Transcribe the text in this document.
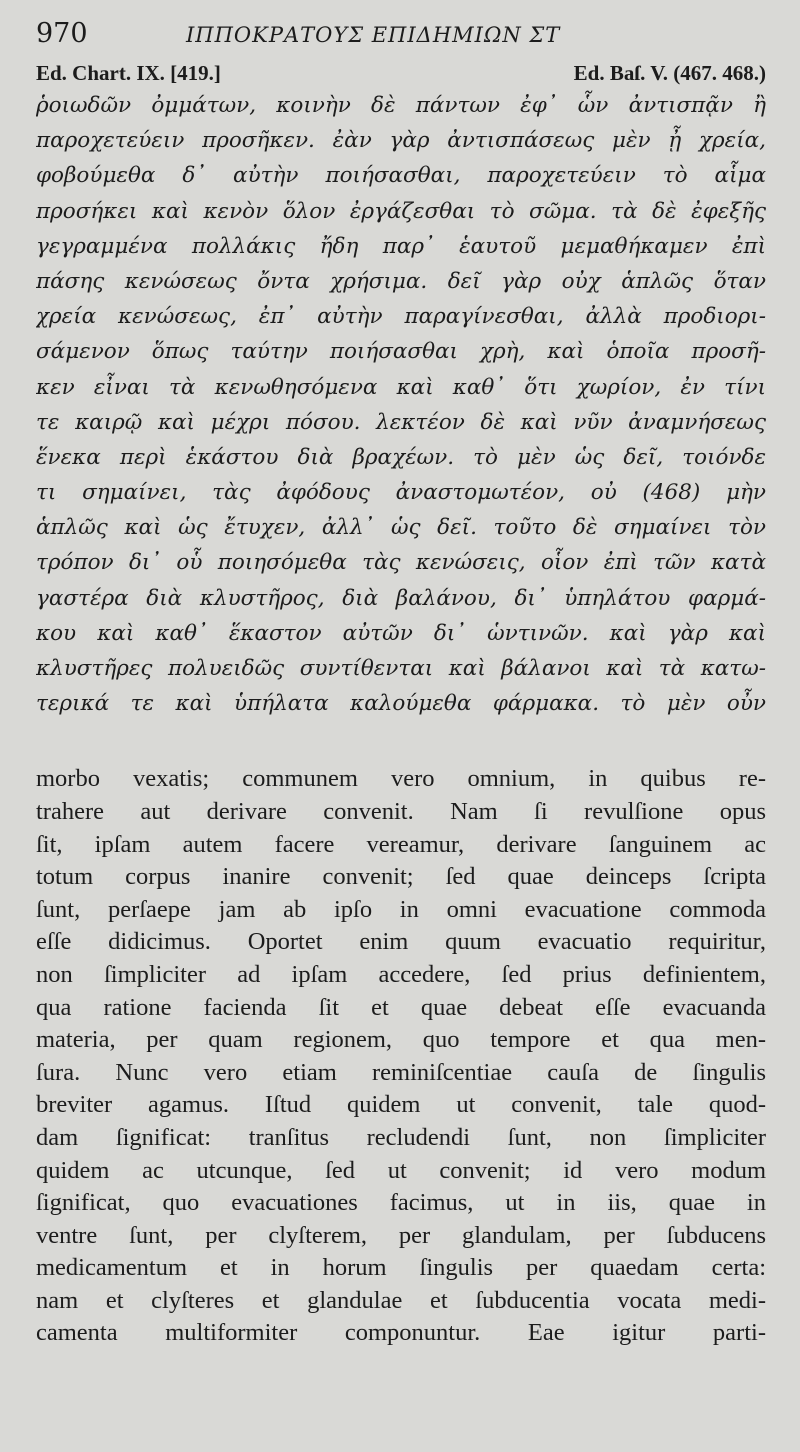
970	ΙΠΠΟΚΡΑΤΟΥΣ ΕΠΙΔΗΜΙΩΝ ΣΤ
Ed. Chart. IX. [419.]	Ed. Baſ. V. (467. 468.)
ῥοιωδῶν ὀμμάτων, κοινὴν δὲ πάντων ἐφ᾽ ὧν ἀντισπᾷν ἢ
παροχετεύειν προσῆκεν. ἐὰν γὰρ ἀντισπάσεως μὲν ᾖ χρεία,
φοβούμεθα δ᾽ αὐτὴν ποιήσασθαι, παροχετεύειν τὸ αἷμα
προσήκει καὶ κενὸν ὅλον ἐργάζεσθαι τὸ σῶμα. τὰ δὲ ἐφεξῆς
γεγραμμένα πολλάκις ἤδη παρ᾽ ἑαυτοῦ μεμαθήκαμεν ἐπὶ
πάσης κενώσεως ὄντα χρήσιμα. δεῖ γὰρ οὐχ ἁπλῶς ὅταν
χρεία κενώσεως, ἐπ᾽ αὐτὴν παραγίνεσθαι, ἀλλὰ προδιορι-
σάμενον ὅπως ταύτην ποιήσασθαι χρὴ, καὶ ὁποῖα προσῆ-
κεν εἶναι τὰ κενωθησόμενα καὶ καθ᾽ ὅτι χωρίον, ἐν τίνι
τε καιρῷ καὶ μέχρι πόσου. λεκτέον δὲ καὶ νῦν ἀναμνήσεως
ἕνεκα περὶ ἑκάστου διὰ βραχέων. τὸ μὲν ὡς δεῖ, τοιόνδε
τι σημαίνει, τὰς ἀφόδους ἀναστομωτέον, οὐ (468) μὴν
ἁπλῶς καὶ ὡς ἔτυχεν, ἀλλ᾽ ὡς δεῖ. τοῦτο δὲ σημαίνει τὸν
τρόπον δι᾽ οὗ ποιησόμεθα τὰς κενώσεις, οἷον ἐπὶ τῶν κατὰ
γαστέρα διὰ κλυστῆρος, διὰ βαλάνου, δι᾽ ὑπηλάτου φαρμά-
κου καὶ καθ᾽ ἕκαστον αὐτῶν δι᾽ ὡντινῶν. καὶ γὰρ καὶ
κλυστῆρες πολυειδῶς συντίθενται καὶ βάλανοι καὶ τὰ κατω-
τερικά τε καὶ ὑπήλατα καλούμεθα φάρμακα. τὸ μὲν οὖν
morbo vexatis; communem vero omnium, in quibus re-
trahere aut derivare convenit. Nam ſi revulſione opus
ſit, ipſam autem facere vereamur, derivare ſanguinem ac
totum corpus inanire convenit; ſed quae deinceps ſcripta
ſunt, perſaepe jam ab ipſo in omni evacuatione commoda
eſſe didicimus. Oportet enim quum evacuatio requiritur,
non ſimpliciter ad ipſam accedere, ſed prius definientem,
qua ratione facienda ſit et quae debeat eſſe evacuanda
materia, per quam regionem, quo tempore et qua men-
ſura. Nunc vero etiam reminiſcentiae cauſa de ſingulis
breviter agamus. Iſtud quidem ut convenit, tale quod-
dam ſignificat: tranſitus recludendi ſunt, non ſimpliciter
quidem ac utcunque, ſed ut convenit; id vero modum
ſignificat, quo evacuationes facimus, ut in iis, quae in
ventre ſunt, per clyſterem, per glandulam, per ſubducens
medicamentum et in horum ſingulis per quaedam certa:
nam et clyſteres et glandulae et ſubducentia vocata medi-
camenta multiformiter componuntur. Eae igitur parti-
